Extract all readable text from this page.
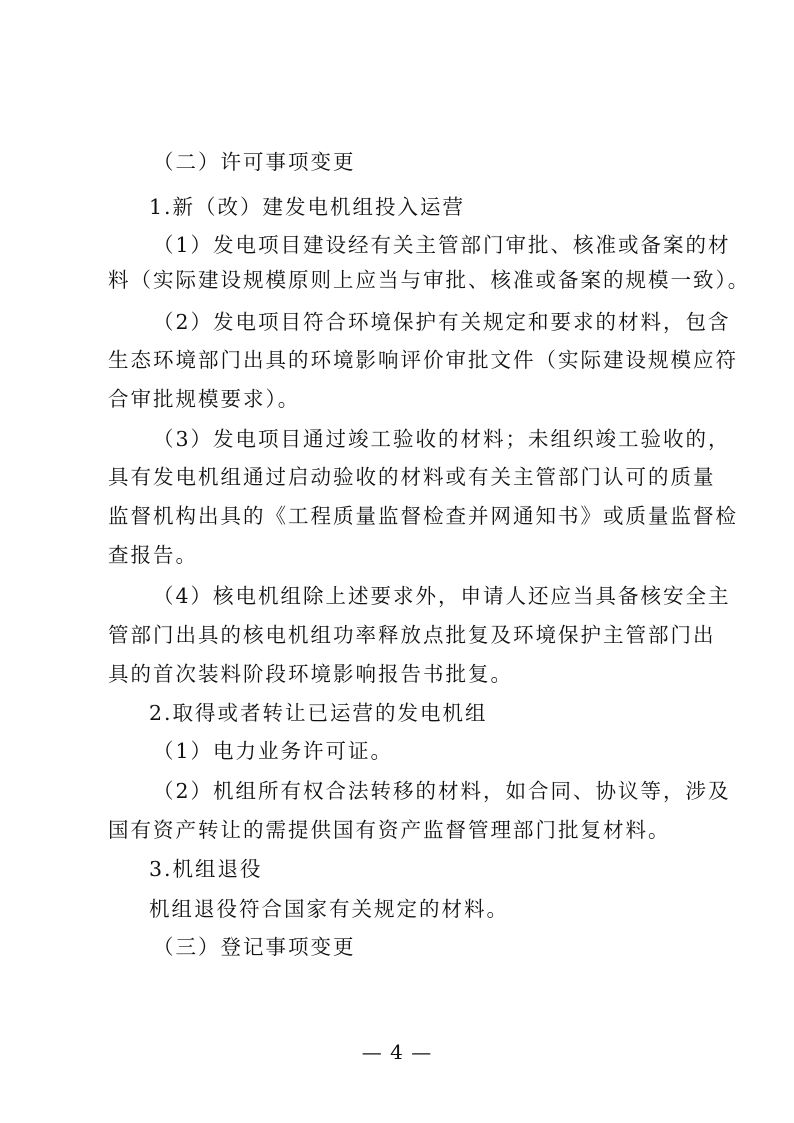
（二）许可事项变更
1.新（改）建发电机组投入运营
（1）发电项目建设经有关主管部门审批、核准或备案的材
料（实际建设规模原则上应当与审批、核准或备案的规模一致）。
（2）发电项目符合环境保护有关规定和要求的材料，包含
生态环境部门出具的环境影响评价审批文件（实际建设规模应符
合审批规模要求）。
（3）发电项目通过竣工验收的材料；未组织竣工验收的，
具有发电机组通过启动验收的材料或有关主管部门认可的质量
监督机构出具的《工程质量监督检查并网通知书》或质量监督检
查报告。
（4）核电机组除上述要求外，申请人还应当具备核安全主
管部门出具的核电机组功率释放点批复及环境保护主管部门出
具的首次装料阶段环境影响报告书批复。
2.取得或者转让已运营的发电机组
（1）电力业务许可证。
（2）机组所有权合法转移的材料，如合同、协议等，涉及
国有资产转让的需提供国有资产监督管理部门批复材料。
3.机组退役
机组退役符合国家有关规定的材料。
（三）登记事项变更
— 4 —
